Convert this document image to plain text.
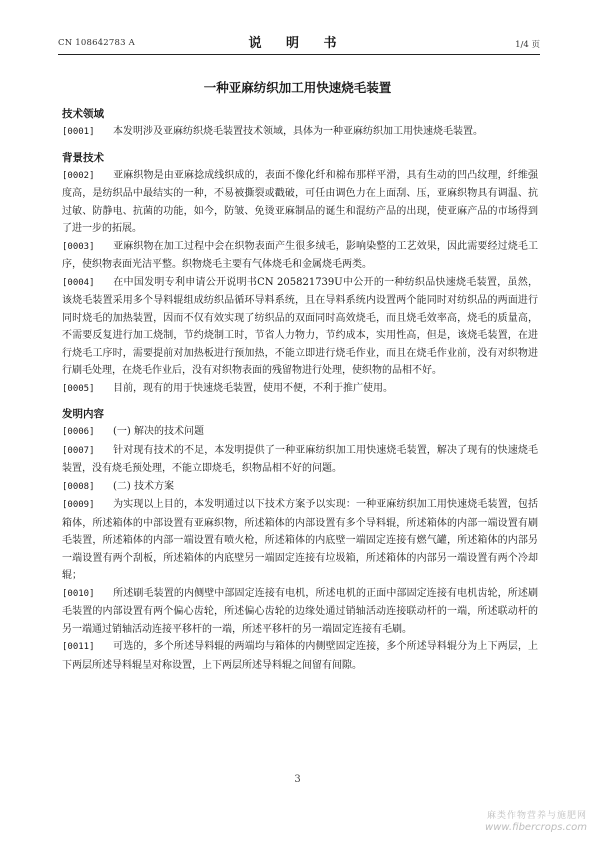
CN 108642783 A	说 明 书	1/4 页
一种亚麻纺织加工用快速烧毛装置
技术领域

[0001] 本发明涉及亚麻纺织烧毛装置技术领域，具体为一种亚麻纺织加工用快速烧毛装置。

背景技术

[0002] 亚麻织物是由亚麻捻成线织成的，表面不像化纤和棉布那样平滑，具有生动的凹凸纹理，纤维强度高，是纺织品中最结实的一种，不易被撕裂或戳破，可任由调色力在上面刮、压，亚麻织物具有调温、抗过敏、防静电、抗菌的功能，如今，防皱、免烫亚麻制品的诞生和混纺产品的出现，使亚麻产品的市场得到了进一步的拓展。

[0003] 亚麻织物在加工过程中会在织物表面产生很多绒毛，影响染整的工艺效果，因此需要经过烧毛工序，使织物表面光洁平整。织物烧毛主要有气体烧毛和金属烧毛两类。

[0004] 在中国发明专利申请公开说明书CN 205821739U中公开的一种纺织品快速烧毛装置，虽然，该烧毛装置采用多个导料辊组成纺织品循环导料系统，且在导料系统内设置两个能同时对纺织品的两面进行同时烧毛的加热装置，因而不仅有效实现了纺织品的双面同时高效烧毛，而且烧毛效率高，烧毛的质量高，不需要反复进行加工烧制，节约烧制工时，节省人力物力，节约成本，实用性高，但是，该烧毛装置，在进行烧毛工序时，需要提前对加热板进行预加热，不能立即进行烧毛作业，而且在烧毛作业前，没有对织物进行刷毛处理，在烧毛作业后，没有对织物表面的残留物进行处理，使织物的品相不好。

[0005] 目前，现有的用于快速烧毛装置，使用不便，不利于推广使用。

发明内容

[0006] (一) 解决的技术问题

[0007] 针对现有技术的不足，本发明提供了一种亚麻纺织加工用快速烧毛装置，解决了现有的快速烧毛装置，没有烧毛预处理，不能立即烧毛，织物品相不好的问题。

[0008] (二) 技术方案

[0009] 为实现以上目的，本发明通过以下技术方案予以实现：一种亚麻纺织加工用快速烧毛装置，包括箱体，所述箱体的中部设置有亚麻织物，所述箱体的内部设置有多个导料辊，所述箱体的内部一端设置有刷毛装置，所述箱体的内部一端设置有喷火枪，所述箱体的内底壁一端固定连接有燃气罐，所述箱体的内部另一端设置有两个刮板，所述箱体的内底壁另一端固定连接有垃圾箱，所述箱体的内部另一端设置有两个冷却辊；

[0010] 所述刷毛装置的内侧壁中部固定连接有电机，所述电机的正面中部固定连接有电机齿轮，所述刷毛装置的内部设置有两个偏心齿轮，所述偏心齿轮的边缘处通过销轴活动连接联动杆的一端，所述联动杆的另一端通过销轴活动连接平移杆的一端，所述平移杆的另一端固定连接有毛刷。

[0011] 可选的，多个所述导料辊的两端均与箱体的内侧壁固定连接，多个所述导料辊分为上下两层，上下两层所述导料辊呈对称设置，上下两层所述导料辊之间留有间隙。

3
麻类作物营养与施肥网
www.fibercrops.com
